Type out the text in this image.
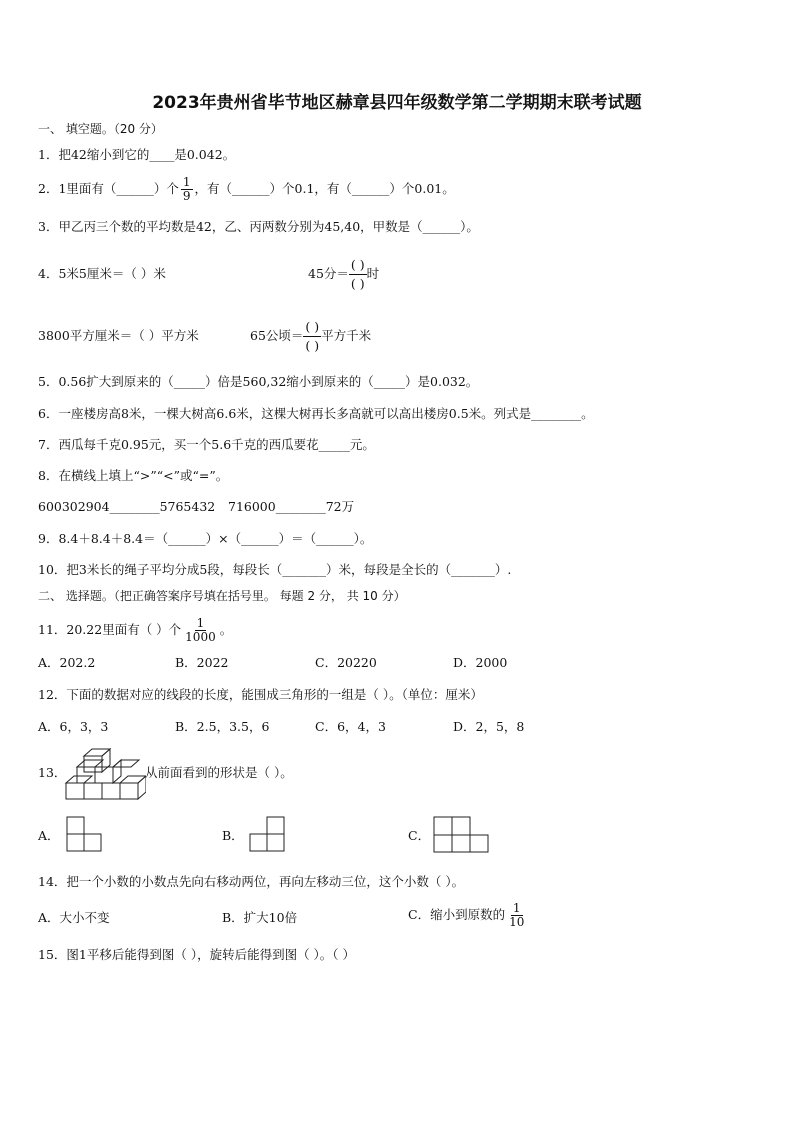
2023年贵州省毕节地区赫章县四年级数学第二学期期末联考试题
一、 填空题。（20 分）
1．把42缩小到它的____是0.042。
2．1里面有（______）个 $\frac{1}{9}$ ，有（______）个0.1，有（______）个0.01。
3．甲乙丙三个数的平均数是42，乙、丙两数分别为45,40，甲数是（______）。
4．5米5厘米＝（ ）米	45分＝
( )
( )
时
3800平方厘米＝（ ）平方米	65公顷＝
( )
( )
平方千米
5．0.56扩大到原来的（_____）倍是560,32缩小到原来的（_____）是0.032。
6．一座楼房高8米，一棵大树高6.6米，这棵大树再长多高就可以高出楼房0.5米。列式是________。
7．西瓜每千克0.95元，买一个5.6千克的西瓜要花_____元。
8．在横线上填上“>”“<”或“=”。
600302904________5765432 716000________72万
9．8.4＋8.4＋8.4＝（______）×（______）＝（______）。
10．把3米长的绳子平均分成5段，每段长（_______）米，每段是全长的（_______）.
二、 选择题。（把正确答案序号填在括号里。 每题 2 分， 共 10 分）
11．20.22里面有（ ）个 $\frac{1}{1000}$ 。
A．202.2	B．2022	C．20220	D．2000
12．下面的数据对应的线段的长度，能围成三角形的一组是（ ）。（单位：厘米）
A．6，3，3	B．2.5，3.5，6	C．6，4，3	D．2，5，8
13．	从前面看到的形状是（ ）。
A．	B．	C．
14．把一个小数的小数点先向右移动两位，再向左移动三位，这个小数（ ）。
A．大小不变	B．扩大10倍	C．缩小到原数的 $\frac{1}{10}$
15．图1平移后能得到图（ ），旋转后能得到图（ ）。（ ）
